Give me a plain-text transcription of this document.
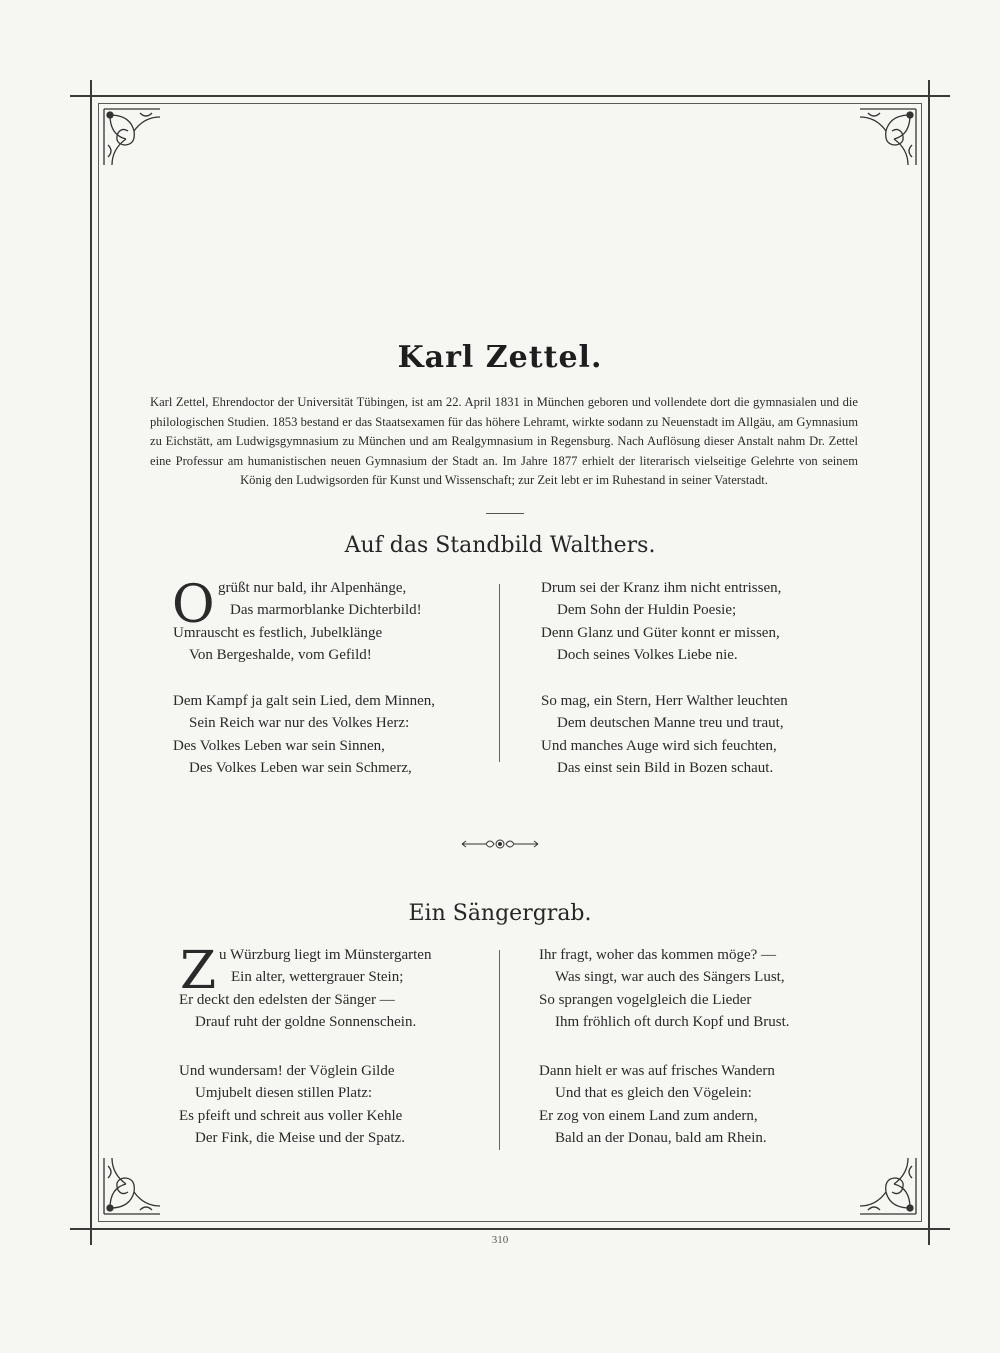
Karl Zettel.
Karl Zettel, Ehrendoctor der Universität Tübingen, ist am 22. April 1831 in München geboren und vollendete dort die gymnasialen und die philologischen Studien. 1853 bestand er das Staatsexamen für das höhere Lehramt, wirkte sodann zu Neuenstadt im Allgäu, am Gymnasium zu Eichstätt, am Ludwigsgymnasium zu München und am Realgymnasium in Regensburg. Nach Auflösung dieser Anstalt nahm Dr. Zettel eine Professur am humanistischen neuen Gymnasium der Stadt an. Im Jahre 1877 erhielt der literarisch vielseitige Gelehrte von seinem König den Ludwigsorden für Kunst und Wissenschaft; zur Zeit lebt er im Ruhestand in seiner Vaterstadt.
Auf das Standbild Walthers.
O grüßt nur bald, ihr Alpenhänge,
Das marmorblanke Dichterbild!
Umrauscht es festlich, Jubelklänge
Von Bergeshalde, vom Gefild!
Dem Kampf ja galt sein Lied, dem Minnen,
Sein Reich war nur des Volkes Herz:
Des Volkes Leben war sein Sinnen,
Des Volkes Leben war sein Schmerz,
Drum sei der Kranz ihm nicht entrissen,
Dem Sohn der Huldin Poesie;
Denn Glanz und Güter konnt er missen,
Doch seines Volkes Liebe nie.
So mag, ein Stern, Herr Walther leuchten
Dem deutschen Manne treu und traut,
Und manches Auge wird sich feuchten,
Das einst sein Bild in Bozen schaut.
Ein Sängergrab.
Z u Würzburg liegt im Münstergarten
Ein alter, wettergrauer Stein;
Er deckt den edelsten der Sänger —
Drauf ruht der goldne Sonnenschein.
Und wundersam! der Vöglein Gilde
Umjubelt diesen stillen Platz:
Es pfeift und schreit aus voller Kehle
Der Fink, die Meise und der Spatz.
Ihr fragt, woher das kommen möge? —
Was singt, war auch des Sängers Lust,
So sprangen vogelgleich die Lieder
Ihm fröhlich oft durch Kopf und Brust.
Dann hielt er was auf frisches Wandern
Und that es gleich den Vögelein:
Er zog von einem Land zum andern,
Bald an der Donau, bald am Rhein.
310
